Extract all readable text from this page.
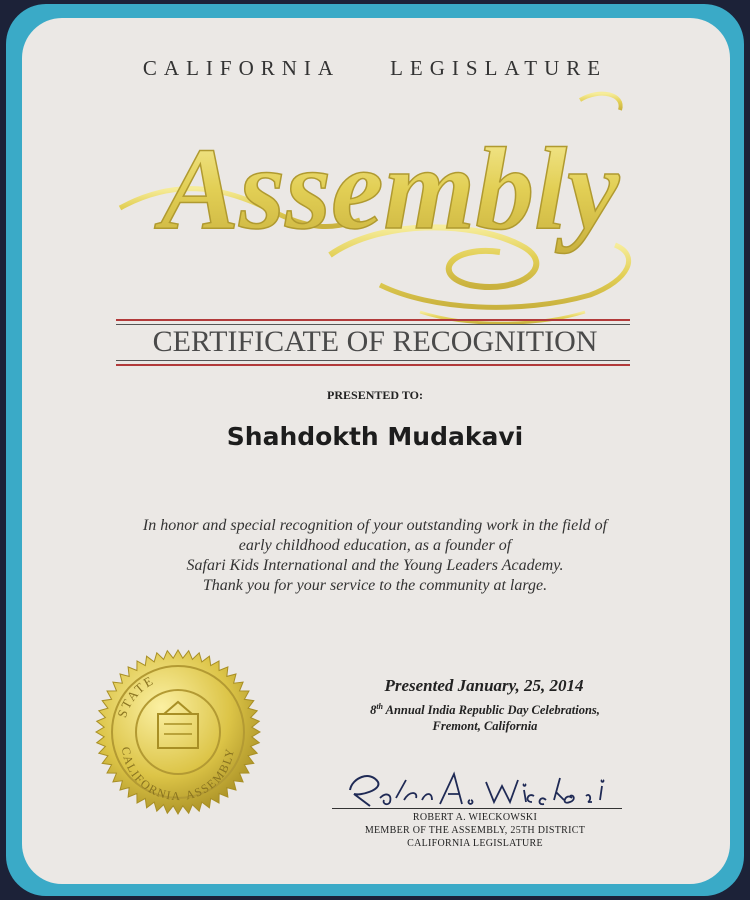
CALIFORNIA LEGISLATURE
Assembly
CERTIFICATE OF RECOGNITION
PRESENTED TO:
Shahdokth Mudakavi
In honor and special recognition of your outstanding work in the field of
early childhood education, as a founder of
Safari Kids International and the Young Leaders Academy.
Thank you for your service to the community at large.
STATE
CALIFORNIA ASSEMBLY
Presented January, 25, 2014
8th Annual India Republic Day Celebrations,
Fremont, California
Robert A. Wieckowski	ROBERT A. WIECKOWSKI
MEMBER OF THE ASSEMBLY, 25TH DISTRICT
CALIFORNIA LEGISLATURE
